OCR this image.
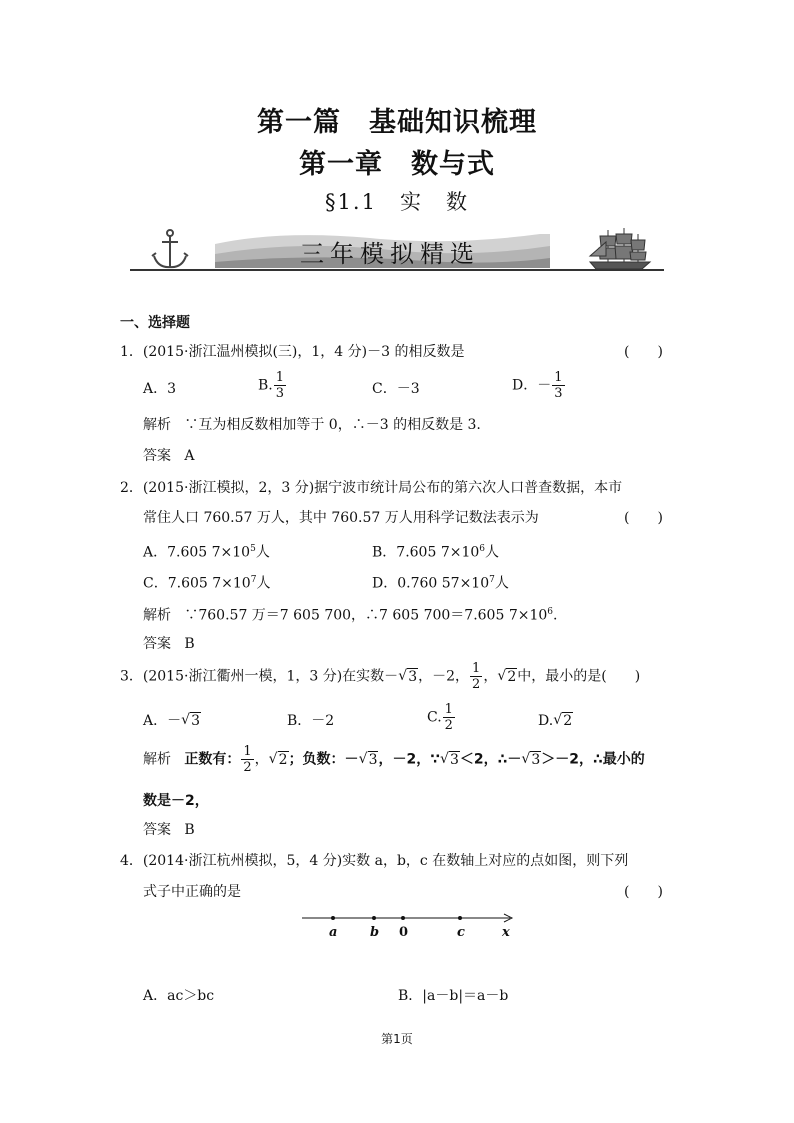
第一篇　基础知识梳理
第一章　数与式
§1.1　实　数
三年模拟精选
一、选择题
1．(2015·浙江温州模拟(三)，1，4 分)－3 的相反数是	(　　)
A．3	B. $\frac{1}{3}$	C．－3	D．－ $\frac{1}{3}$
解析 ∵互为相反数相加等于 0，∴－3 的相反数是 3.
答案 A
2．(2015·浙江模拟，2，3 分)据宁波市统计局公布的第六次人口普查数据，本市
常住人口 760.57 万人，其中 760.57 万人用科学记数法表示为	(　　)
A．7.605 $7\times 10^5$人	B．7.605 $7\times 10^6$人
C．7.605 $7\times 10^7$人	D．0.760 $57\times 10^7$人
解析 ∵760.57 万＝7 605 700，∴7 605 700＝7.605 $7\times 10^6$.
答案 B
3．(2015·浙江衢州一模，1，3 分)在实数－ √ 3，－2， $\frac{1}{2}$ ， √ 2中，最小的是(　　)
A．－ √ 3	B．－2	C. $\frac{1}{2}$	D. √ 2
解析 正数有： $\frac{1}{2}$ ， √ 2；负数：－ √ 3，－2，∵ √ 3＜2，∴－ √ 3＞－2，∴最小的
数是－2，
答案 B
4．(2014·浙江杭州模拟，5，4 分)实数 a，b，c 在数轴上对应的点如图，则下列
式子中正确的是	(　　)
a	b 0	c	x
A．ac＞bc	B．|a－b|＝a－b
第1页
